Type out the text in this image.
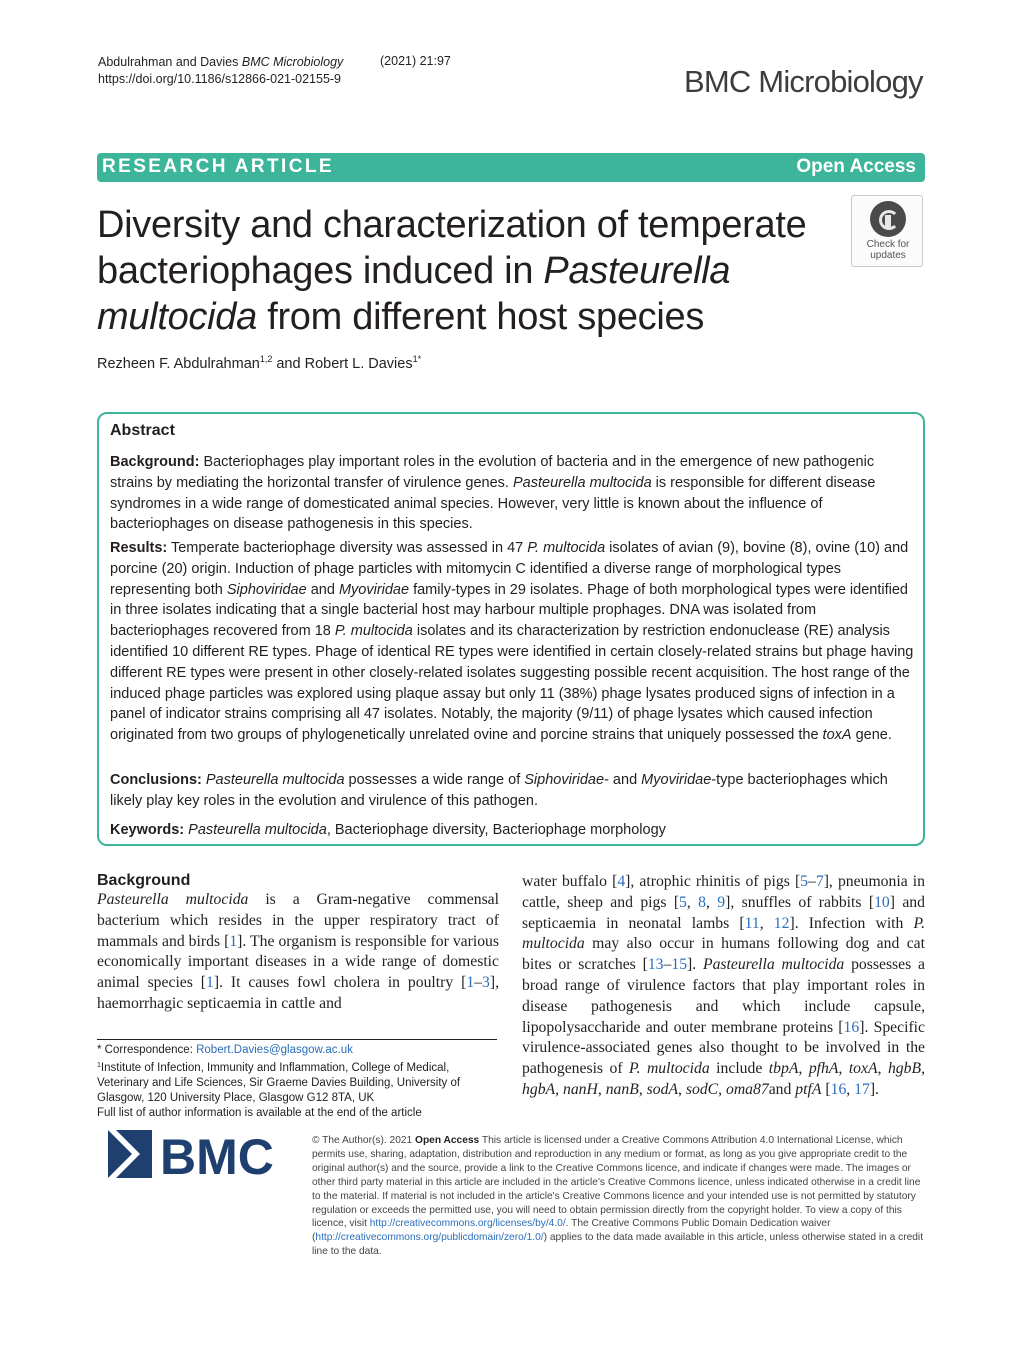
Abdulrahman and Davies BMC Microbiology
https://doi.org/10.1186/s12866-021-02155-9
(2021) 21:97
BMC Microbiology
RESEARCH ARTICLE	Open Access
Diversity and characterization of temperate
bacteriophages induced in Pasteurella
multocida from different host species
Check for
updates
Rezheen F. Abdulrahman$^{1,2}$ and Robert L. Davies$^{1*}$
Abstract

Background: Bacteriophages play important roles in the evolution of bacteria and in the emergence of new pathogenic strains by mediating the horizontal transfer of virulence genes. Pasteurella multocida is responsible for different disease syndromes in a wide range of domesticated animal species. However, very little is known about the influence of bacteriophages on disease pathogenesis in this species.

Results: Temperate bacteriophage diversity was assessed in 47 P. multocida isolates of avian (9), bovine (8), ovine (10) and porcine (20) origin. Induction of phage particles with mitomycin C identified a diverse range of morphological types representing both Siphoviridae and Myoviridae family-types in 29 isolates. Phage of both morphological types were identified in three isolates indicating that a single bacterial host may harbour multiple prophages. DNA was isolated from bacteriophages recovered from 18 P. multocida isolates and its characterization by restriction endonuclease (RE) analysis identified 10 different RE types. Phage of identical RE types were identified in certain closely-related strains but phage having different RE types were present in other closely-related isolates suggesting possible recent acquisition. The host range of the induced phage particles was explored using plaque assay but only 11 (38%) phage lysates produced signs of infection in a panel of indicator strains comprising all 47 isolates. Notably, the majority (9/11) of phage lysates which caused infection originated from two groups of phylogenetically unrelated ovine and porcine strains that uniquely possessed the toxA gene.

Conclusions: Pasteurella multocida possesses a wide range of Siphoviridae- and Myoviridae-type bacteriophages which likely play key roles in the evolution and virulence of this pathogen.

Keywords: Pasteurella multocida, Bacteriophage diversity, Bacteriophage morphology

Background

Pasteurella multocida is a Gram-negative commensal bacterium which resides in the upper respiratory tract of mammals and birds [1]. The organism is responsible for various economically important diseases in a wide range of domestic animal species [1]. It causes fowl cholera in poultry [1–3], haemorrhagic septicaemia in cattle and

water buffalo [4], atrophic rhinitis of pigs [5–7], pneumonia in cattle, sheep and pigs [5, 8, 9], snuffles of rabbits [10] and septicaemia in neonatal lambs [11, 12]. Infection with P. multocida may also occur in humans following dog and cat bites or scratches [13–15]. Pasteurella multocida possesses a broad range of virulence factors that play important roles in disease pathogenesis and which include capsule, lipopolysaccharide and outer membrane proteins [16]. Specific virulence-associated genes also thought to be involved in the pathogenesis of P. multocida include tbpA, pfhA, toxA, hgbB, hgbA, nanH, nanB, sodA, sodC, oma87and ptfA [16, 17].

* Correspondence: Robert.Davies@glasgow.ac.uk
$^1$Institute of Infection, Immunity and Inflammation, College of Medical, Veterinary and Life Sciences, Sir Graeme Davies Building, University of Glasgow, 120 University Place, Glasgow G12 8TA, UK
Full list of author information is available at the end of the article
BMC	© The Author(s). 2021 Open Access This article is licensed under a Creative Commons Attribution 4.0 International License, which permits use, sharing, adaptation, distribution and reproduction in any medium or format, as long as you give appropriate credit to the original author(s) and the source, provide a link to the Creative Commons licence, and indicate if changes were made. The images or other third party material in this article are included in the article's Creative Commons licence, unless indicated otherwise in a credit line to the material. If material is not included in the article's Creative Commons licence and your intended use is not permitted by statutory regulation or exceeds the permitted use, you will need to obtain permission directly from the copyright holder. To view a copy of this licence, visit http://creativecommons.org/licenses/by/4.0/. The Creative Commons Public Domain Dedication waiver (http://creativecommons.org/publicdomain/zero/1.0/) applies to the data made available in this article, unless otherwise stated in a credit line to the data.
